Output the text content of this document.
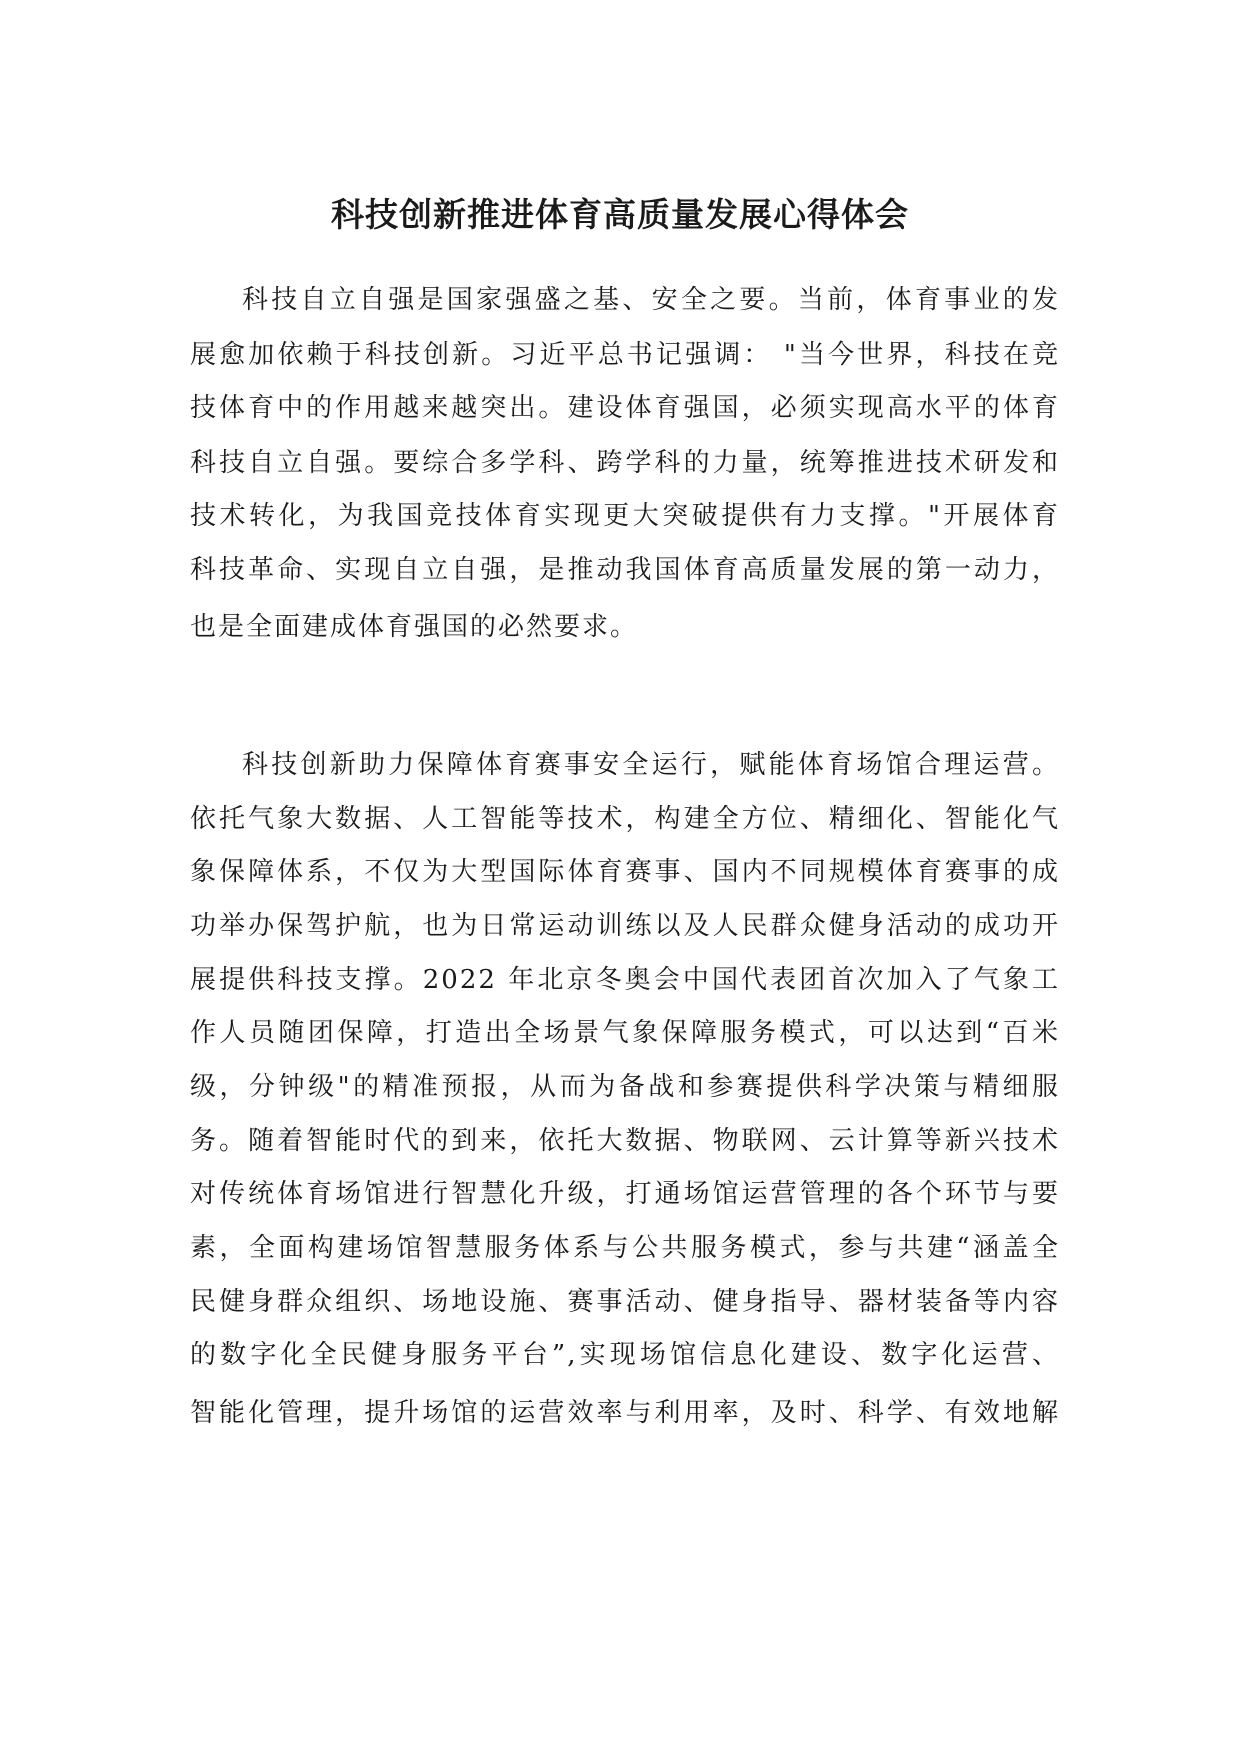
科技创新推进体育高质量发展心得体会

科技自立自强是国家强盛之基、安全之要。当前，体育事业的发

展愈加依赖于科技创新。习近平总书记强调： "当今世界，科技在竞

技体育中的作用越来越突出。建设体育强国，必须实现高水平的体育

科技自立自强。要综合多学科、跨学科的力量，统筹推进技术研发和

技术转化，为我国竞技体育实现更大突破提供有力支撑。"开展体育

科技革命、实现自立自强，是推动我国体育高质量发展的第一动力，

也是全面建成体育强国的必然要求。

科技创新助力保障体育赛事安全运行，赋能体育场馆合理运营。

依托气象大数据、人工智能等技术，构建全方位、精细化、智能化气

象保障体系，不仅为大型国际体育赛事、国内不同规模体育赛事的成

功举办保驾护航，也为日常运动训练以及人民群众健身活动的成功开

展提供科技支撑。2022 年北京冬奥会中国代表团首次加入了气象工

作人员随团保障，打造出全场景气象保障服务模式，可以达到“百米

级，分钟级"的精准预报，从而为备战和参赛提供科学决策与精细服

务。随着智能时代的到来，依托大数据、物联网、云计算等新兴技术

对传统体育场馆进行智慧化升级，打通场馆运营管理的各个环节与要

素，全面构建场馆智慧服务体系与公共服务模式，参与共建“涵盖全

民健身群众组织、场地设施、赛事活动、健身指导、器材装备等内容

的数字化全民健身服务平台”,实现场馆信息化建设、数字化运营、

智能化管理，提升场馆的运营效率与利用率，及时、科学、有效地解
